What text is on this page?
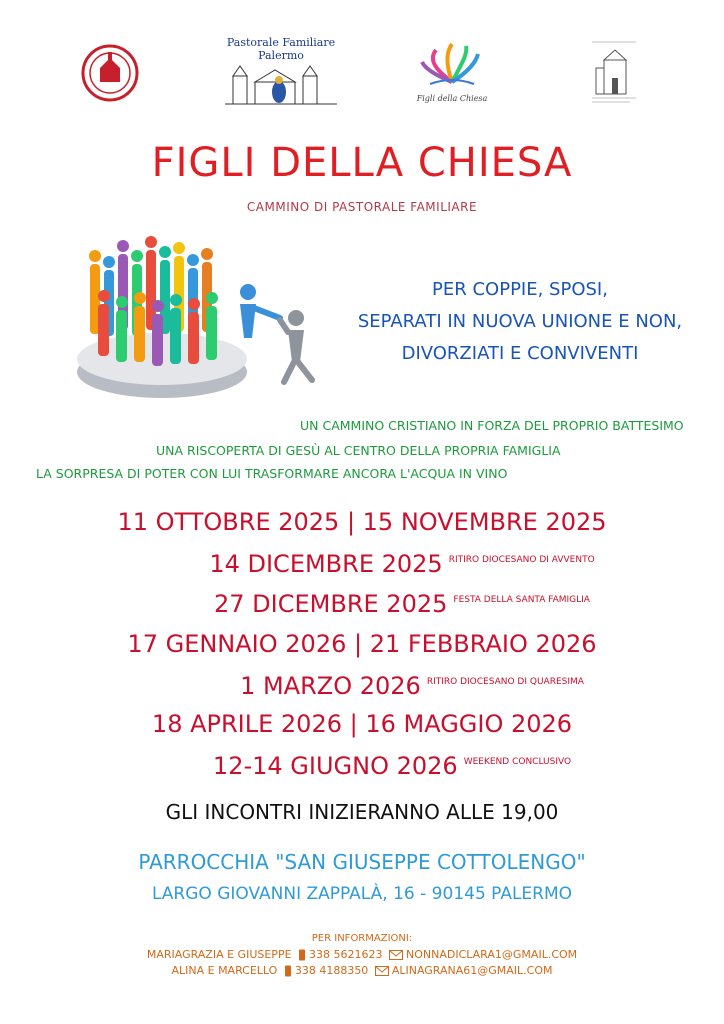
Pastorale Familiare
Palermo
Figli della Chiesa
FIGLI DELLA CHIESA
CAMMINO DI PASTORALE FAMILIARE
PER COPPIE, SPOSI,
SEPARATI IN NUOVA UNIONE E NON,
DIVORZIATI E CONVIVENTI
UN CAMMINO CRISTIANO IN FORZA DEL PROPRIO BATTESIMO
UNA RISCOPERTA DI GESÙ AL CENTRO DELLA PROPRIA FAMIGLIA
LA SORPRESA DI POTER CON LUI TRASFORMARE ANCORA L'ACQUA IN VINO
11 OTTOBRE 2025 | 15 NOVEMBRE 2025
14 DICEMBRE 2025 $^{RITIRO DIOCESANO DI AVVENTO}$
27 DICEMBRE 2025 $^{FESTA DELLA SANTA FAMIGLIA}$
17 GENNAIO 2026 | 21 FEBBRAIO 2026
1 MARZO 2026 $^{RITIRO DIOCESANO DI QUARESIMA}$
18 APRILE 2026 | 16 MAGGIO 2026
12-14 GIUGNO 2026 $^{WEEKEND CONCLUSIVO}$
GLI INCONTRI INIZIERANNO ALLE 19,00
PARROCCHIA "SAN GIUSEPPE COTTOLENGO"
LARGO GIOVANNI ZAPPALÀ, 16 - 90145 PALERMO
PER INFORMAZIONI:
MARIAGRAZIA E GIUSEPPE 338 5621623 NONNADICLARA1@GMAIL.COM
ALINA E MARCELLO 338 4188350 ALINAGRANA61@GMAIL.COM
